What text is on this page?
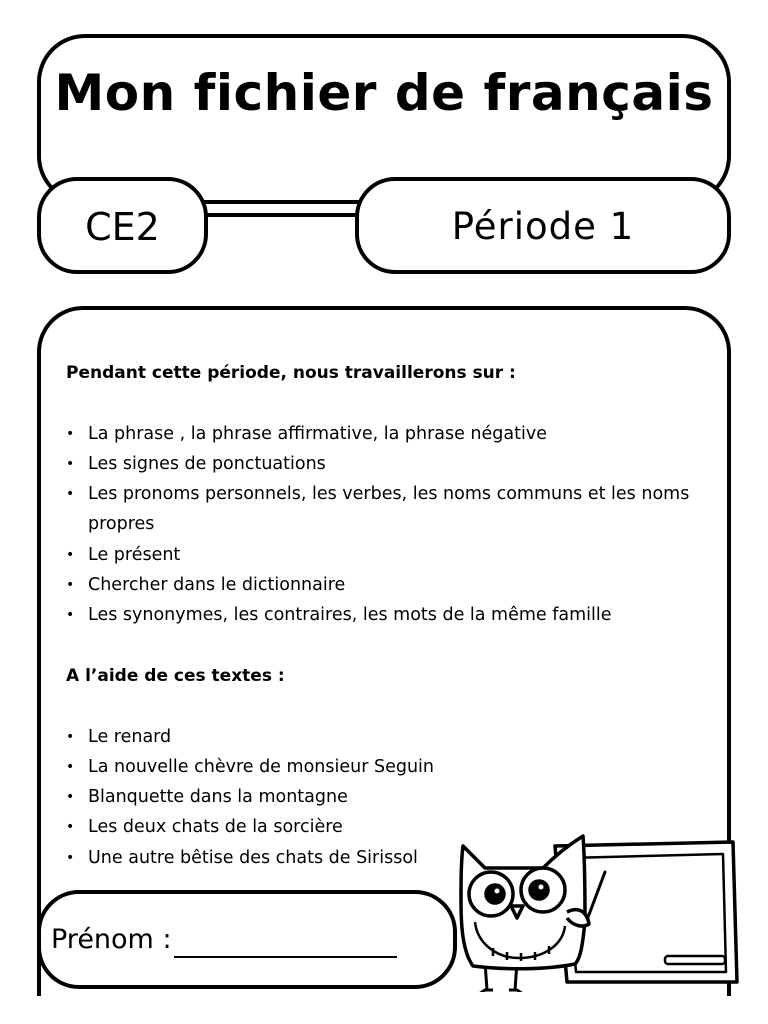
Mon fichier de français
CE2	Période 1

Pendant cette période, nous travaillerons sur :

• La phrase , la phrase affirmative, la phrase négative
• Les signes de ponctuations
• Les pronoms personnels, les verbes, les noms communs et les noms propres
• Le présent
• Chercher dans le dictionnaire
• Les synonymes, les contraires, les mots de la même famille

A l’aide de ces textes :

• Le renard
• La nouvelle chèvre de monsieur Seguin
• Blanquette dans la montagne
• Les deux chats de la sorcière
• Une autre bêtise des chats de Sirissol
Prénom :
